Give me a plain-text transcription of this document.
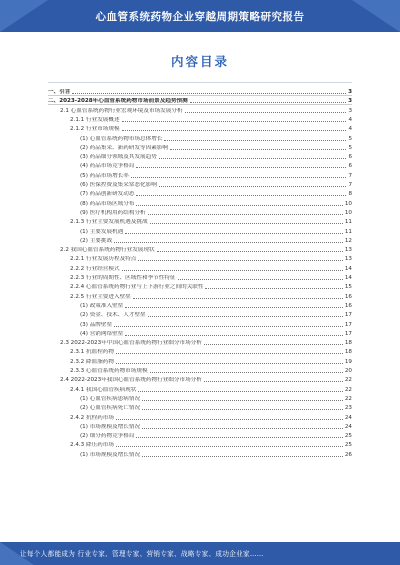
心血管系统药物企业穿越周期策略研究报告
内容目录
一、引言	3
二、2023-2028年心血管系统药物市场前景及趋势预测	3
2.1 心血管系统药物行业宏观环境及市场发展分析	3
2.1.1 行业发展概述	4
2.1.2 行业市场规模	4
(1) 心血管系统药物市场总体增长	5
(2) 药品集采、新药研发等因素影响	5
(3) 药品细分领域及其发展趋势	6
(4) 药品市场竞争格局	6
(5) 药品市场增长率	7
(6) 医保控费及集采常态化影响	7
(7) 药品创新研发动态	8
(8) 药品市场区域分布	10
(9) 医疗机构用药结构分析	10
2.1.3 行业主要发展机遇及挑战	11
(1) 主要发展机遇	11
(2) 主要挑战	12
2.2 我国心血管系统药物行业发展现状	13
2.2.1 行业发展历程及特点	13
2.2.2 行业经营模式	14
2.2.3 行业的周期性、区域性和季节性特征	14
2.2.4 心血管系统药物行业与上下游行业之间的关联性	15
2.2.5 行业主要进入壁垒	16
(1) 政策准入壁垒	16
(2) 资金、技术、人才壁垒	17
(3) 品牌壁垒	17
(4) 营销网络壁垒	17
2.3 2022-2023年中国心血管系统药物行业细分市场分析	18
2.3.1 抗血栓药物	18
2.3.2 降血脂药物	19
2.3.3 心血管系统药物市场规模	20
2.4 2022-2023年我国心血管系统药物行业细分市场分析	22
2.4.1 我国心血管疾病现状	22
(1) 心血管疾病患病情况	22
(2) 心血管疾病死亡情况	23
2.4.2 抗栓药市场	24
(1) 市场规模及增长情况	24
(2) 细分药物竞争格局	25
2.4.3 降压药市场	25
(1) 市场规模及增长情况	26
让每个人都能成为 行业专家、管理专家、营销专家、战略专家、成功企业家……
